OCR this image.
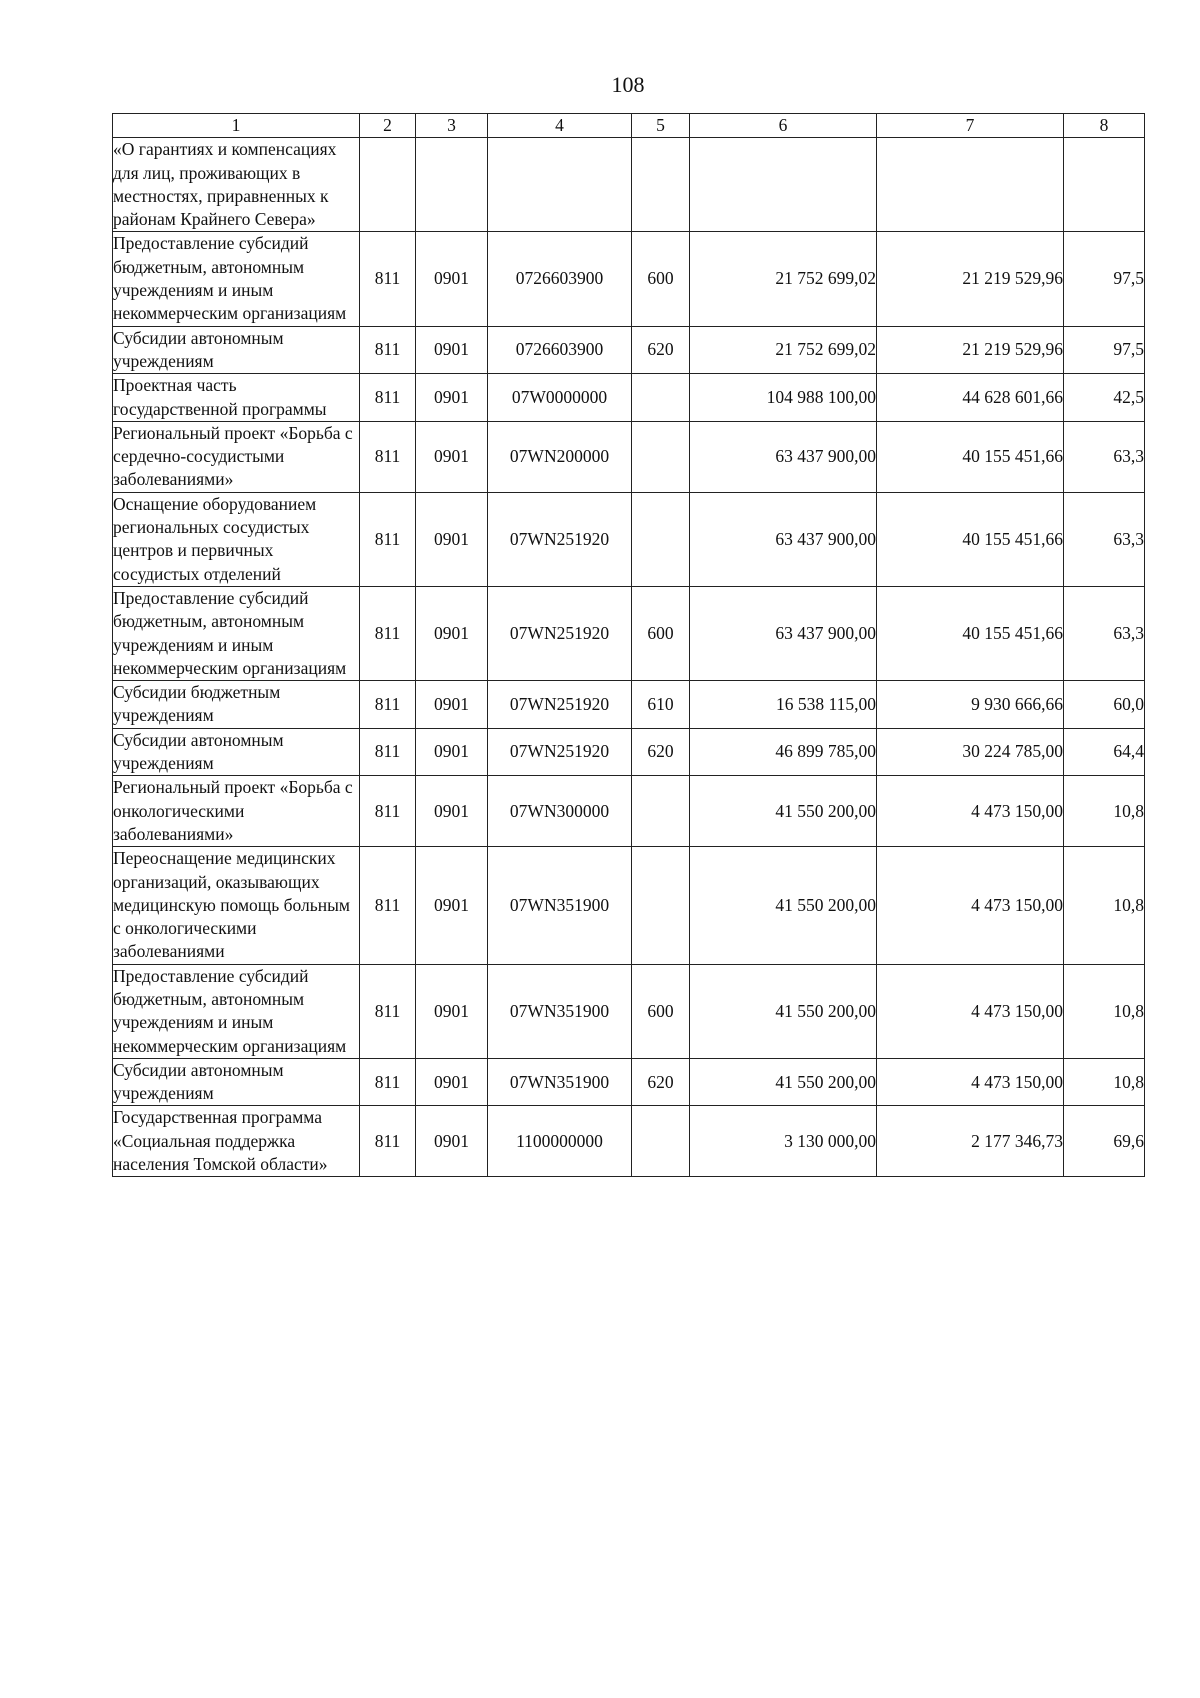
108
1	2	3	4	5	6	7	8
«О гарантиях и компенсациях для лиц, проживающих в местностях, приравненных к районам Крайнего Севера»							
Предоставление субсидий бюджетным, автономным учреждениям и иным некоммерческим организациям	811	0901	0726603900	600	21 752 699,02	21 219 529,96	97,5
Субсидии автономным учреждениям	811	0901	0726603900	620	21 752 699,02	21 219 529,96	97,5
Проектная часть государственной программы	811	0901	07W0000000		104 988 100,00	44 628 601,66	42,5
Региональный проект «Борьба с сердечно-сосудистыми заболеваниями»	811	0901	07WN200000		63 437 900,00	40 155 451,66	63,3
Оснащение оборудованием региональных сосудистых центров и первичных сосудистых отделений	811	0901	07WN251920		63 437 900,00	40 155 451,66	63,3
Предоставление субсидий бюджетным, автономным учреждениям и иным некоммерческим организациям	811	0901	07WN251920	600	63 437 900,00	40 155 451,66	63,3
Субсидии бюджетным учреждениям	811	0901	07WN251920	610	16 538 115,00	9 930 666,66	60,0
Субсидии автономным учреждениям	811	0901	07WN251920	620	46 899 785,00	30 224 785,00	64,4
Региональный проект «Борьба с онкологическими заболеваниями»	811	0901	07WN300000		41 550 200,00	4 473 150,00	10,8
Переоснащение медицинских организаций, оказывающих медицинскую помощь больным с онкологическими заболеваниями	811	0901	07WN351900		41 550 200,00	4 473 150,00	10,8
Предоставление субсидий бюджетным, автономным учреждениям и иным некоммерческим организациям	811	0901	07WN351900	600	41 550 200,00	4 473 150,00	10,8
Субсидии автономным учреждениям	811	0901	07WN351900	620	41 550 200,00	4 473 150,00	10,8
Государственная программа «Социальная поддержка населения Томской области»	811	0901	1100000000		3 130 000,00	2 177 346,73	69,6
